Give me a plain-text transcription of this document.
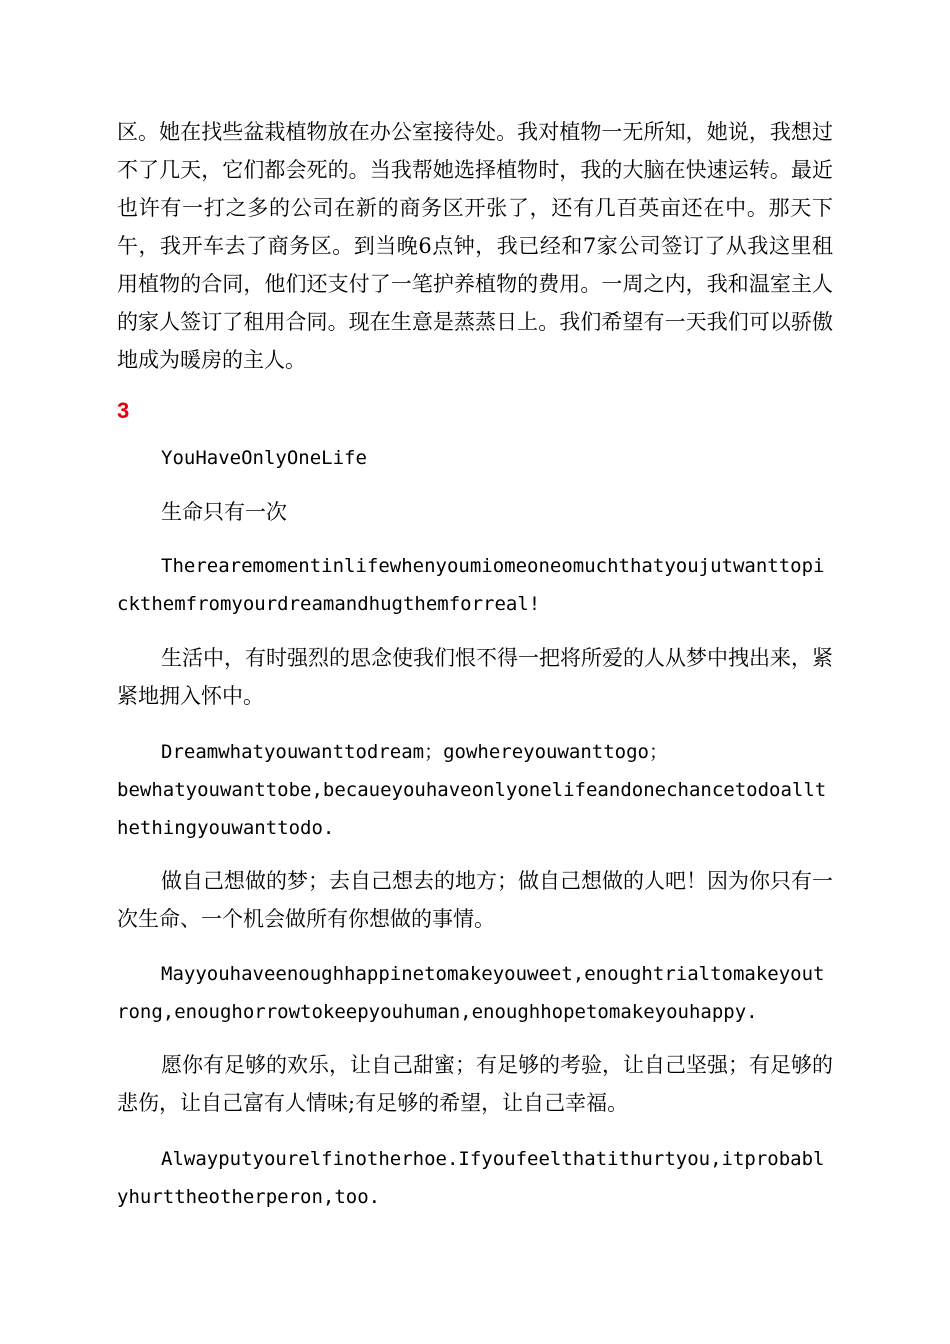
区。她在找些盆栽植物放在办公室接待处。我对植物一无所知，她说，我想过不了几天，它们都会死的。当我帮她选择植物时，我的大脑在快速运转。最近也许有一打之多的公司在新的商务区开张了，还有几百英亩还在中。那天下午，我开车去了商务区。到当晚6点钟，我已经和7家公司签订了从我这里租用植物的合同，他们还支付了一笔护养植物的费用。一周之内，我和温室主人的家人签订了租用合同。现在生意是蒸蒸日上。我们希望有一天我们可以骄傲地成为暖房的主人。

3

YouHaveOnlyOneLife

生命只有一次

Therearemomentinlifewhenyoumiomeoneomuchthatyoujutwanttopickthemfromyourdreamandhugthemforreal!

生活中，有时强烈的思念使我们恨不得一把将所爱的人从梦中拽出来，紧紧地拥入怀中。

Dreamwhatyouwanttodream；gowhereyouwanttogo；

bewhatyouwanttobe,becaueyouhaveonlyonelifeandonechancetodoallthethingyouwanttodo.

做自己想做的梦；去自己想去的地方；做自己想做的人吧！因为你只有一次生命、一个机会做所有你想做的事情。

Mayyouhaveenoughhappinetomakeyouweet,enoughtrialtomakeyoutrong,enoughorrowtokeepyouhuman,enoughhopetomakeyouhappy.

愿你有足够的欢乐，让自己甜蜜；有足够的考验，让自己坚强；有足够的悲伤，让自己富有人情味;有足够的希望，让自己幸福。

Alwayputyourelfinotherhoe.Ifyoufeelthatithurtyou,itprobablyhurttheotherperon,too.
